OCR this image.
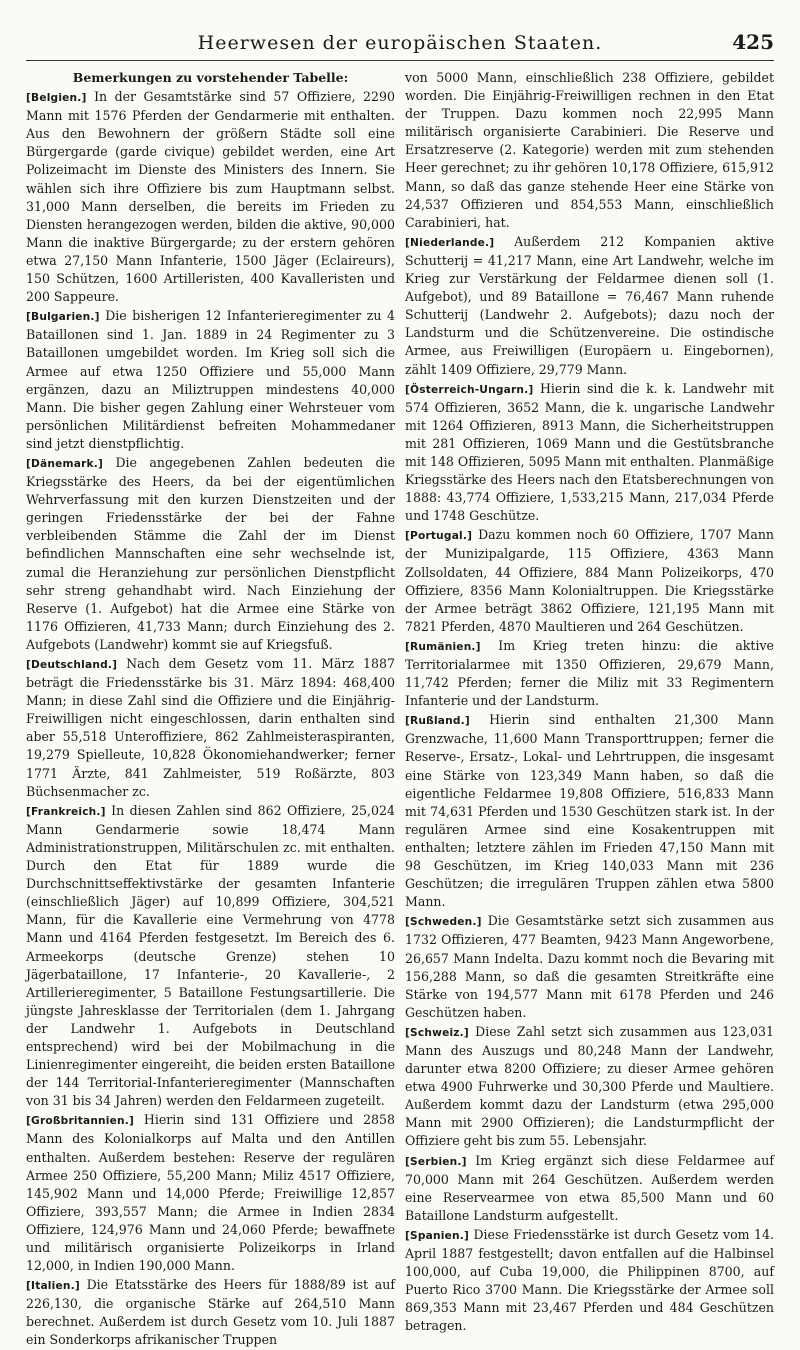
Heerwesen der europäischen Staaten.	425
Bemerkungen zu vorstehender Tabelle:

[ Belgien. ] In der Gesamtstärke sind 57 Offiziere, 2290 Mann mit 1576 Pferden der Gendarmerie mit enthalten. Aus den Bewohnern der größern Städte soll eine Bürgergarde (garde civique) gebildet werden, eine Art Polizeimacht im Dienste des Ministers des Innern. Sie wählen sich ihre Offiziere bis zum Hauptmann selbst. 31,000 Mann derselben, die bereits im Frieden zu Diensten herangezogen werden, bilden die aktive, 90,000 Mann die inaktive Bürgergarde; zu der erstern gehören etwa 27,150 Mann Infanterie, 1500 Jäger (Eclaireurs), 150 Schützen, 1600 Artilleristen, 400 Kavalleristen und 200 Sappeure.

[ Bulgarien. ] Die bisherigen 12 Infanterieregimenter zu 4 Bataillonen sind 1. Jan. 1889 in 24 Regimenter zu 3 Bataillonen umgebildet worden. Im Krieg soll sich die Armee auf etwa 1250 Offiziere und 55,000 Mann ergänzen, dazu an Miliztruppen mindestens 40,000 Mann. Die bisher gegen Zahlung einer Wehrsteuer vom persönlichen Militärdienst befreiten Mohammedaner sind jetzt dienstpflichtig.

[ Dänemark. ] Die angegebenen Zahlen bedeuten die Kriegsstärke des Heers, da bei der eigentümlichen Wehrverfassung mit den kurzen Dienstzeiten und der geringen Friedensstärke der bei der Fahne verbleibenden Stämme die Zahl der im Dienst befindlichen Mannschaften eine sehr wechselnde ist, zumal die Heranziehung zur persönlichen Dienstpflicht sehr streng gehandhabt wird. Nach Einziehung der Reserve (1. Aufgebot) hat die Armee eine Stärke von 1176 Offizieren, 41,733 Mann; durch Einziehung des 2. Aufgebots (Landwehr) kommt sie auf Kriegsfuß.

[ Deutschland. ] Nach dem Gesetz vom 11. März 1887 beträgt die Friedensstärke bis 31. März 1894: 468,400 Mann; in diese Zahl sind die Offiziere und die Einjährig-Freiwilligen nicht eingeschlossen, darin enthalten sind aber 55,518 Unteroffiziere, 862 Zahlmeisteraspiranten, 19,279 Spielleute, 10,828 Ökonomiehandwerker; ferner 1771 Ärzte, 841 Zahlmeister, 519 Roßärzte, 803 Büchsenmacher zc.

[ Frankreich. ] In diesen Zahlen sind 862 Offiziere, 25,024 Mann Gendarmerie sowie 18,474 Mann Administrationstruppen, Militärschulen zc. mit enthalten. Durch den Etat für 1889 wurde die Durchschnittseffektivstärke der gesamten Infanterie (einschließlich Jäger) auf 10,899 Offiziere, 304,521 Mann, für die Kavallerie eine Vermehrung von 4778 Mann und 4164 Pferden festgesetzt. Im Bereich des 6. Armeekorps (deutsche Grenze) stehen 10 Jägerbataillone, 17 Infanterie-, 20 Kavallerie-, 2 Artillerieregimenter, 5 Bataillone Festungsartillerie. Die jüngste Jahresklasse der Territorialen (dem 1. Jahrgang der Landwehr 1. Aufgebots in Deutschland entsprechend) wird bei der Mobilmachung in die Linienregimenter eingereiht, die beiden ersten Bataillone der 144 Territorial-Infanterieregimenter (Mannschaften von 31 bis 34 Jahren) werden den Feldarmeen zugeteilt.

[ Großbritannien. ] Hierin sind 131 Offiziere und 2858 Mann des Kolonialkorps auf Malta und den Antillen enthalten. Außerdem bestehen: Reserve der regulären Armee 250 Offiziere, 55,200 Mann; Miliz 4517 Offiziere, 145,902 Mann und 14,000 Pferde; Freiwillige 12,857 Offiziere, 393,557 Mann; die Armee in Indien 2834 Offiziere, 124,976 Mann und 24,060 Pferde; bewaffnete und militärisch organisierte Polizeikorps in Irland 12,000, in Indien 190,000 Mann.

[ Italien. ] Die Etatsstärke des Heers für 1888/89 ist auf 226,130, die organische Stärke auf 264,510 Mann berechnet. Außerdem ist durch Gesetz vom 10. Juli 1887 ein Sonderkorps afrikanischer Truppen

von 5000 Mann, einschließlich 238 Offiziere, gebildet worden. Die Einjährig-Freiwilligen rechnen in den Etat der Truppen. Dazu kommen noch 22,995 Mann militärisch organisierte Carabinieri. Die Reserve und Ersatzreserve (2. Kategorie) werden mit zum stehenden Heer gerechnet; zu ihr gehören 10,178 Offiziere, 615,912 Mann, so daß das ganze stehende Heer eine Stärke von 24,537 Offizieren und 854,553 Mann, einschließlich Carabinieri, hat.

[ Niederlande. ] Außerdem 212 Kompanien aktive Schutterij = 41,217 Mann, eine Art Landwehr, welche im Krieg zur Verstärkung der Feldarmee dienen soll (1. Aufgebot), und 89 Bataillone = 76,467 Mann ruhende Schutterij (Landwehr 2. Aufgebots); dazu noch der Landsturm und die Schützenvereine. Die ostindische Armee, aus Freiwilligen (Europäern u. Eingebornen), zählt 1409 Offiziere, 29,779 Mann.

[ Österreich-Ungarn. ] Hierin sind die k. k. Landwehr mit 574 Offizieren, 3652 Mann, die k. ungarische Landwehr mit 1264 Offizieren, 8913 Mann, die Sicherheitstruppen mit 281 Offizieren, 1069 Mann und die Gestütsbranche mit 148 Offizieren, 5095 Mann mit enthalten. Planmäßige Kriegsstärke des Heers nach den Etatsberechnungen von 1888: 43,774 Offiziere, 1,533,215 Mann, 217,034 Pferde und 1748 Geschütze.

[ Portugal. ] Dazu kommen noch 60 Offiziere, 1707 Mann der Munizipalgarde, 115 Offiziere, 4363 Mann Zollsoldaten, 44 Offiziere, 884 Mann Polizeikorps, 470 Offiziere, 8356 Mann Kolonialtruppen. Die Kriegsstärke der Armee beträgt 3862 Offiziere, 121,195 Mann mit 7821 Pferden, 4870 Maultieren und 264 Geschützen.

[ Rumänien. ] Im Krieg treten hinzu: die aktive Territorialarmee mit 1350 Offizieren, 29,679 Mann, 11,742 Pferden; ferner die Miliz mit 33 Regimentern Infanterie und der Landsturm.

[ Rußland. ] Hierin sind enthalten 21,300 Mann Grenzwache, 11,600 Mann Transporttruppen; ferner die Reserve-, Ersatz-, Lokal- und Lehrtruppen, die insgesamt eine Stärke von 123,349 Mann haben, so daß die eigentliche Feldarmee 19,808 Offiziere, 516,833 Mann mit 74,631 Pferden und 1530 Geschützen stark ist. In der regulären Armee sind eine Kosakentruppen mit enthalten; letztere zählen im Frieden 47,150 Mann mit 98 Geschützen, im Krieg 140,033 Mann mit 236 Geschützen; die irregulären Truppen zählen etwa 5800 Mann.

[ Schweden. ] Die Gesamtstärke setzt sich zusammen aus 1732 Offizieren, 477 Beamten, 9423 Mann Angeworbene, 26,657 Mann Indelta. Dazu kommt noch die Bevaring mit 156,288 Mann, so daß die gesamten Streitkräfte eine Stärke von 194,577 Mann mit 6178 Pferden und 246 Geschützen haben.

[ Schweiz. ] Diese Zahl setzt sich zusammen aus 123,031 Mann des Auszugs und 80,248 Mann der Landwehr, darunter etwa 8200 Offiziere; zu dieser Armee gehören etwa 4900 Fuhrwerke und 30,300 Pferde und Maultiere. Außerdem kommt dazu der Landsturm (etwa 295,000 Mann mit 2900 Offizieren); die Landsturmpflicht der Offiziere geht bis zum 55. Lebensjahr.

[ Serbien. ] Im Krieg ergänzt sich diese Feldarmee auf 70,000 Mann mit 264 Geschützen. Außerdem werden eine Reservearmee von etwa 85,500 Mann und 60 Bataillone Landsturm aufgestellt.

[ Spanien. ] Diese Friedensstärke ist durch Gesetz vom 14. April 1887 festgestellt; davon entfallen auf die Halbinsel 100,000, auf Cuba 19,000, die Philippinen 8700, auf Puerto Rico 3700 Mann. Die Kriegsstärke der Armee soll 869,353 Mann mit 23,467 Pferden und 484 Geschützen betragen.
